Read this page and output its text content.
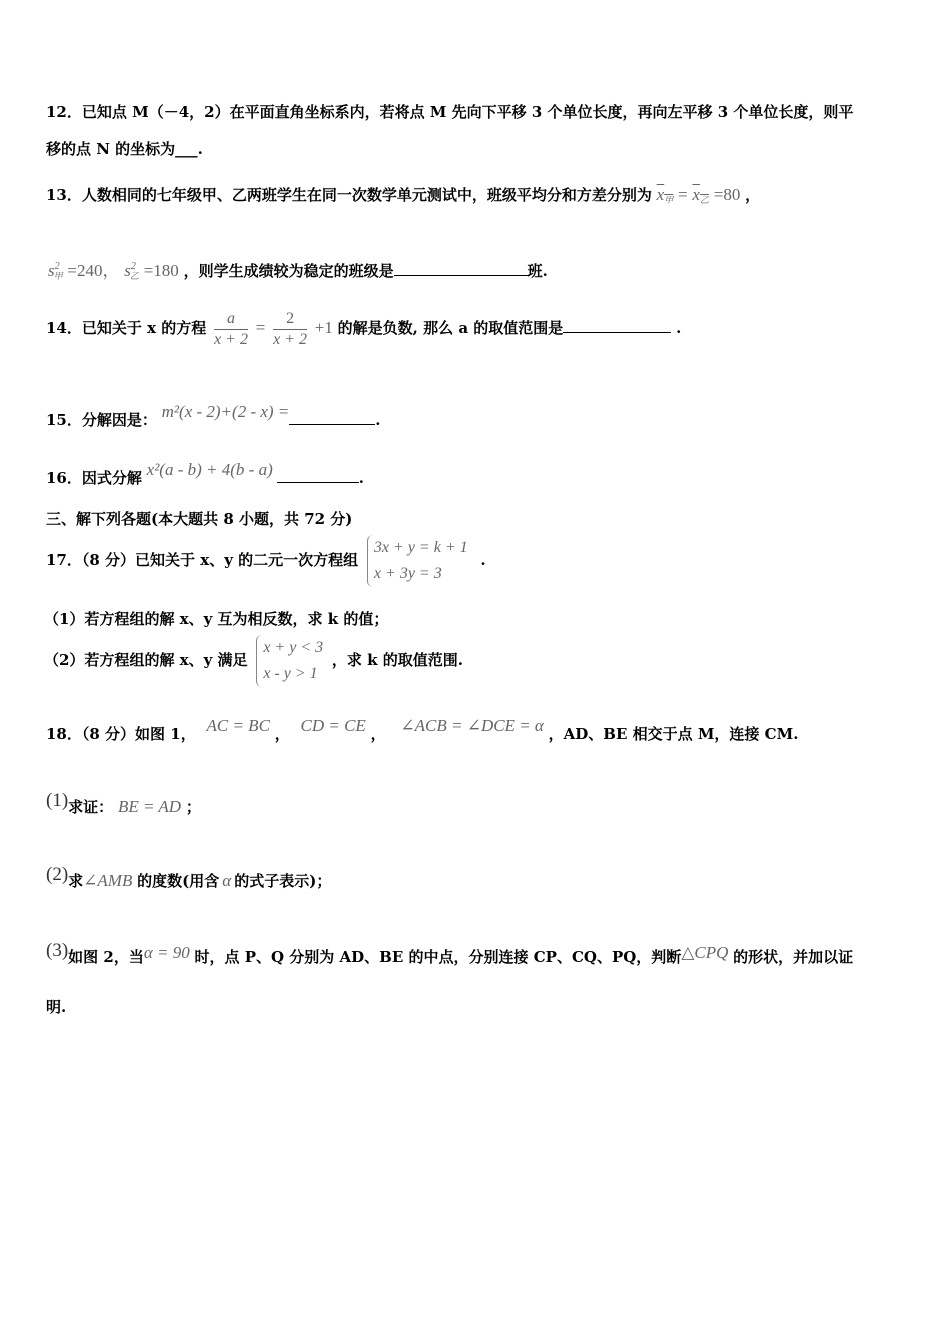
12．已知点 M（－4，2）在平面直角坐标系内，若将点 M 先向下平移 3 个单位长度，再向左平移 3 个单位长度，则平
移的点 N 的坐标为___.
13．人数相同的七年级甲、乙两班学生在同一次数学单元测试中，班级平均分和方差分别为 $x_甲 = x_乙 =80$ ，
$s^2_甲 =240$， $s^2_乙 =180$ ，则学生成绩较为稳定的班级是	班.
14．已知关于 x 的方程 $\frac{a}{x + 2} = \frac{2}{x + 2} +1$ 的解是负数, 那么 a 的取值范围是	.
15．分解因是： m²(x - 2)+(2 - x) =	.
16．因式分解 x²(a - b) + 4(b - a)	.
三、解下列各题(本大题共 8 小题，共 72 分)
17．（8 分）已知关于 x、y 的二元一次方程组
3x + y = k + 1
x + 3y = 3
.
（1）若方程组的解 x、y 互为相反数，求 k 的值；
（2）若方程组的解 x、y 满足
x + y < 3
x - y > 1
，求 k 的取值范围.
18．（8 分）如图 1， AC = BC ， CD = CE ， ∠ACB = ∠DCE = α ，AD、BE 相交于点 M，连接 CM.
(1)求证： BE = AD ；
(2)求∠AMB 的度数(用含 α 的式子表示)；
(3)如图 2，当α = 90 时，点 P、Q 分别为 AD、BE 的中点，分别连接 CP、CQ、PQ，判断△CPQ 的形状，并加以证
明.
